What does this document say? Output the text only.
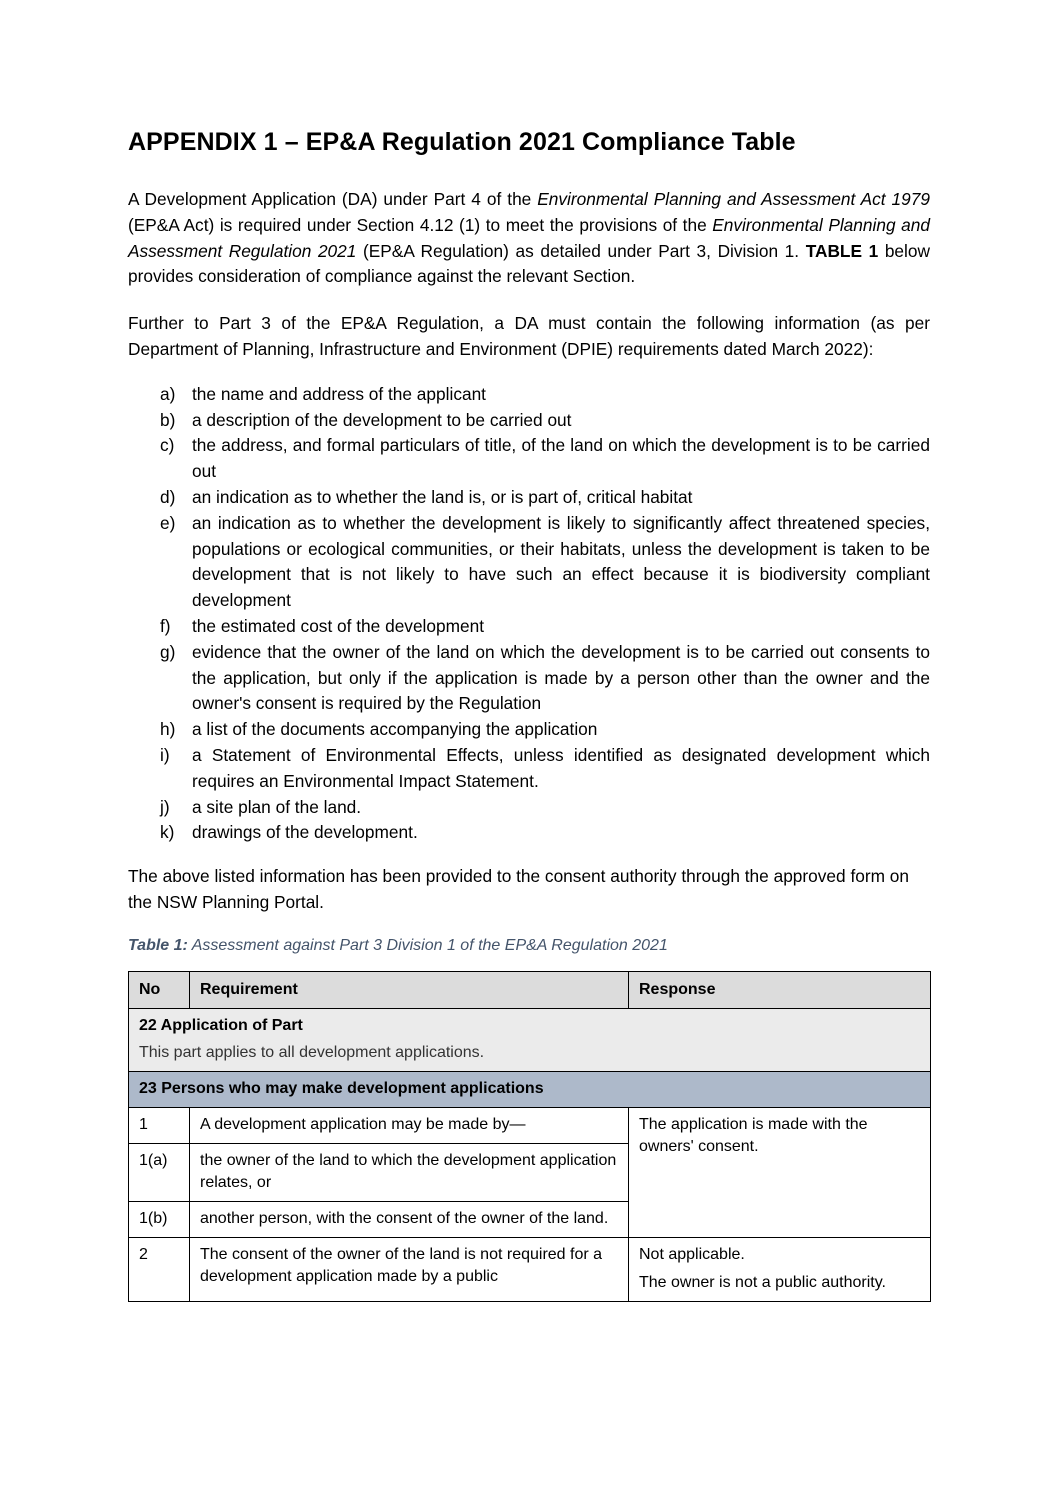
APPENDIX 1 – EP&A Regulation 2021 Compliance Table

A Development Application (DA) under Part 4 of the Environmental Planning and Assessment Act 1979 (EP&A Act) is required under Section 4.12 (1) to meet the provisions of the Environmental Planning and Assessment Regulation 2021 (EP&A Regulation) as detailed under Part 3, Division 1. TABLE 1 below provides consideration of compliance against the relevant Section.

Further to Part 3 of the EP&A Regulation, a DA must contain the following information (as per Department of Planning, Infrastructure and Environment (DPIE) requirements dated March 2022):

a) the name and address of the applicant
b) a description of the development to be carried out
c)	the address, and formal particulars of title, of the land on which the development is to be carried out
d) an indication as to whether the land is, or is part of, critical habitat
e) an indication as to whether the development is likely to significantly affect threatened species, populations or ecological communities, or their habitats, unless the development is taken to be development that is not likely to have such an effect because it is biodiversity compliant development
f)	the estimated cost of the development
g) evidence that the owner of the land on which the development is to be carried out consents to the application, but only if the application is made by a person other than the owner and the owner's consent is required by the Regulation
h) a list of the documents accompanying the application
i)	a Statement of Environmental Effects, unless identified as designated development which requires an Environmental Impact Statement.
j)	a site plan of the land.
k)	drawings of the development.

The above listed information has been provided to the consent authority through the approved form on the NSW Planning Portal.

Table 1: Assessment against Part 3 Division 1 of the EP&A Regulation 2021
No	Requirement	Response

22 Application of Part
This part applies to all development applications.		

23 Persons who may make development applications		
1	A development application may be made by—	The application is made with the owners' consent.

1(a)	the owner of the land to which the development application relates, or	
1(b)	another person, with the consent of the owner of the land.	
2	The consent of the owner of the land is not required for a development application made by a public	Not applicable.

The owner is not a public authority.
